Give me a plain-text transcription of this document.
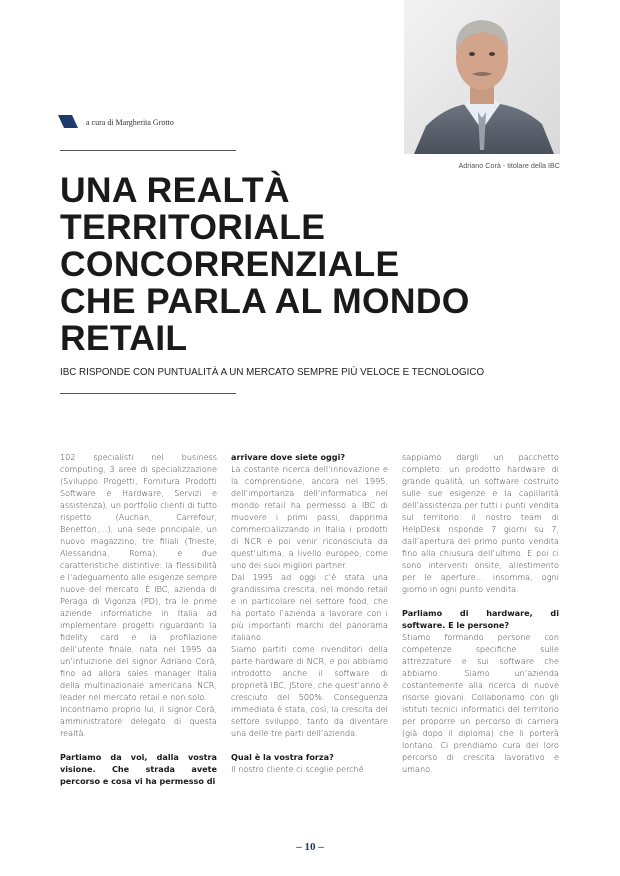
a cura di Margherita Grotto
Adriano Corà - titolare della IBC
UNA REALTÀ
TERRITORIALE
CONCORRENZIALE
CHE PARLA AL MONDO
RETAIL
IBC RISPONDE CON PUNTUALITÀ A UN MERCATO SEMPRE PIÙ VELOCE E TECNOLOGICO

102 specialisti nel business computing, 3 aree di specializzazione (Sviluppo Progetti, Fornitura Prodotti Software e Hardware, Servizi e assistenza), un portfolio clienti di tutto rispetto (Auchan, Carrefour, Benetton,…), una sede principale, un nuovo magazzino, tre filiali (Trieste, Alessandria, Roma), e due caratteristiche distintive: la flessibilità e l’adeguamento alle esigenze sempre nuove del mercato. È IBC, azienda di Peraga di Vigonza (PD), tra le prime aziende informatiche in Italia ad implementare progetti riguardanti la fidelity card e la profilazione dell’utente finale, nata nel 1995 da un’intuizione del signor Adriano Corà, fino ad allora sales manager Italia della multinazionale americana NCR, leader nel mercato retail e non solo.

Incontriamo proprio lui, il signor Corà, amministratore delegato di questa realtà.

Partiamo da voi, dalla vostra visione. Che strada avete percorso e cosa vi ha permesso di

arrivare dove siete oggi?

La costante ricerca dell’innovazione e la comprensione, ancora nel 1995, dell’importanza dell’informatica nel mondo retail ha permesso a IBC di muovere i primi passi, dapprima commercializzando in Italia i prodotti di NCR e poi venir riconosciuta da quest’ultima, a livello europeo, come uno dei suoi migliori partner.

Dal 1995 ad oggi c’è stata una grandissima crescita, nel mondo retail e in particolare nel settore food, che ha portato l’azienda a lavorare con i più importanti marchi del panorama italiano.

Siamo partiti come rivenditori della parte hardware di NCR, e poi abbiamo introdotto anche il software di proprietà IBC, JStore, che quest’anno è cresciuto del 500%. Conseguenza immediata è stata, così, la crescita del settore sviluppo, tanto da diventare una delle tre parti dell’azienda.

Qual è la vostra forza?

Il nostro cliente ci sceglie perché

sappiamo dargli un pacchetto completo: un prodotto hardware di grande qualità, un software costruito sulle sue esigenze e la capillarità dell’assistenza per tutti i punti vendita sul territorio: il nostro team di HelpDesk risponde 7 giorni su 7, dall’apertura del primo punto vendita fino alla chiusura dell’ultimo. E poi ci sono interventi onsite, allestimento per le aperture… insomma, ogni giorno in ogni punto vendita.

Parliamo di hardware, di software. E le persone?

Stiamo formando persone con competenze specifiche sulle attrezzature e sui software che abbiamo. Siamo un’azienda costantemente alla ricerca di nuove risorse giovani. Collaboriamo con gli istituti tecnici informatici del territorio per proporre un percorso di carriera (già dopo il diploma) che li porterà lontano. Ci prendiamo cura del loro percorso di crescita lavorativo e umano.

– 10 –
